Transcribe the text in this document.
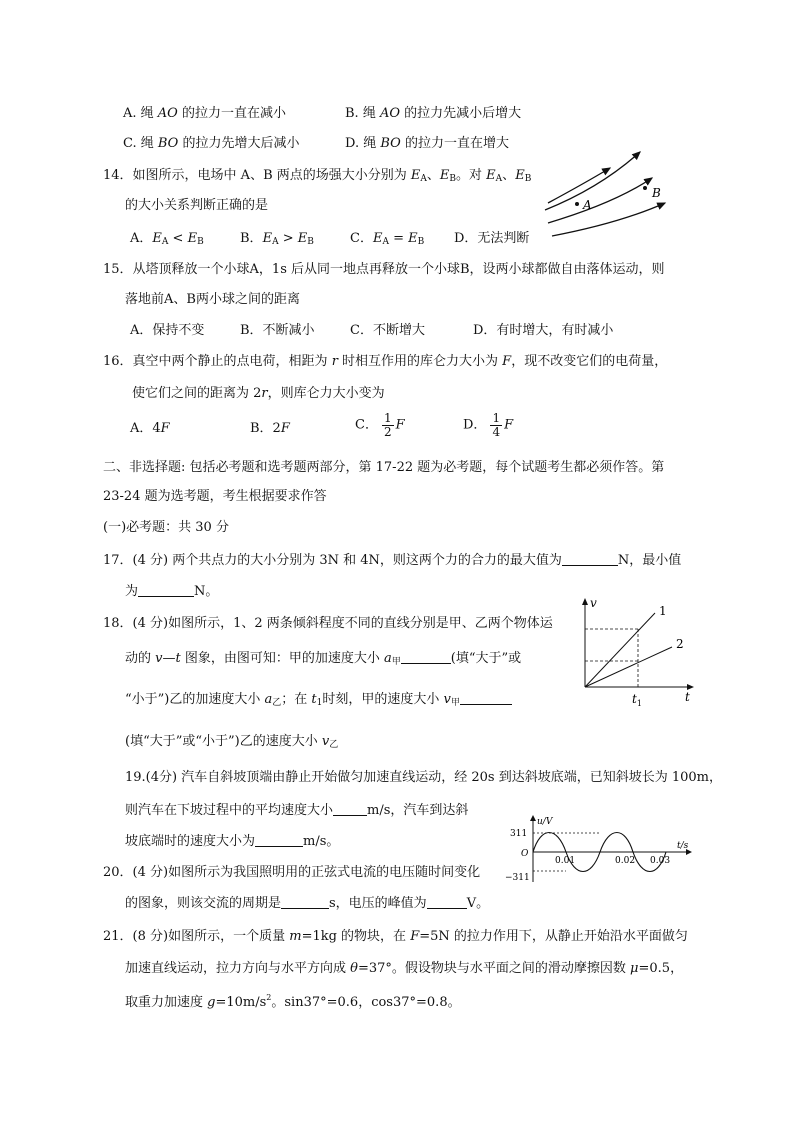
A. 绳 AO 的拉力一直在减小	B. 绳 AO 的拉力先减小后增大
C. 绳 BO 的拉力先增大后减小	D. 绳 BO 的拉力一直在增大
14．如图所示，电场中 A、B 两点的场强大小分别为 $E_A$、$E_B$。对 $E_A$、$E_B$
的大小关系判断正确的是
A．$E_A < E_B$	B．$E_A > E_B$	C．$E_A = E_B$ D．无法判断
A
B
15．从塔顶释放一个小球A，1s 后从同一地点再释放一个小球B，设两小球都做自由落体运动，则
落地前A、B两小球之间的距离
A．保持不变	B．不断减小	C．不断增大	D．有时增大，有时减小
16．真空中两个静止的点电荷，相距为 r 时相互作用的库仑力大小为 F，现不改变它们的电荷量，
使它们之间的距离为 2r，则库仑力大小变为
A．4F	B．2F	C． $\frac{1}{2}$ F	D． $\frac{1}{4}$ F
二、非选择题: 包括必考题和选考题两部分，第 17-22 题为必考题，每个试题考生都必须作答。第
23-24 题为选考题，考生根据要求作答
(一)必考题：共 30 分
17．(4 分) 两个共点力的大小分别为 3N 和 4N，则这两个力的合力的最大值为	N，最小值
为	N。
18．(4 分)如图所示，1、2 两条倾斜程度不同的直线分别是甲、乙两个物体运
动的 v—t 图象，由图可知：甲的加速度大小 $a_甲$	(填“大于”或
“小于”)乙的加速度大小 $a_乙$；在 $t_1$时刻，甲的速度大小 $v_甲$
(填“大于”或“小于”)乙的速度大小 $v_乙$
v
t
1
2
$t_1$
19.(4分) 汽车自斜坡顶端由静止开始做匀加速直线运动，经 20s 到达斜坡底端，已知斜坡长为 100m，
则汽车在下坡过程中的平均速度大小	m/s，汽车到达斜
坡底端时的速度大小为	m/s。
u/V
t/s
311
O
−311
0.01	0.02 0.03
20．(4 分)如图所示为我国照明用的正弦式电流的电压随时间变化
的图象，则该交流的周期是	s，电压的峰值为	V。
21．(8 分)如图所示，一个质量 m=1kg 的物块，在 F=5N 的拉力作用下，从静止开始沿水平面做匀
加速直线运动，拉力方向与水平方向成 θ=37°。假设物块与水平面之间的滑动摩擦因数 μ=0.5，
取重力加速度 $g=10m/s^2$。sin37°=0.6，cos37°=0.8。
